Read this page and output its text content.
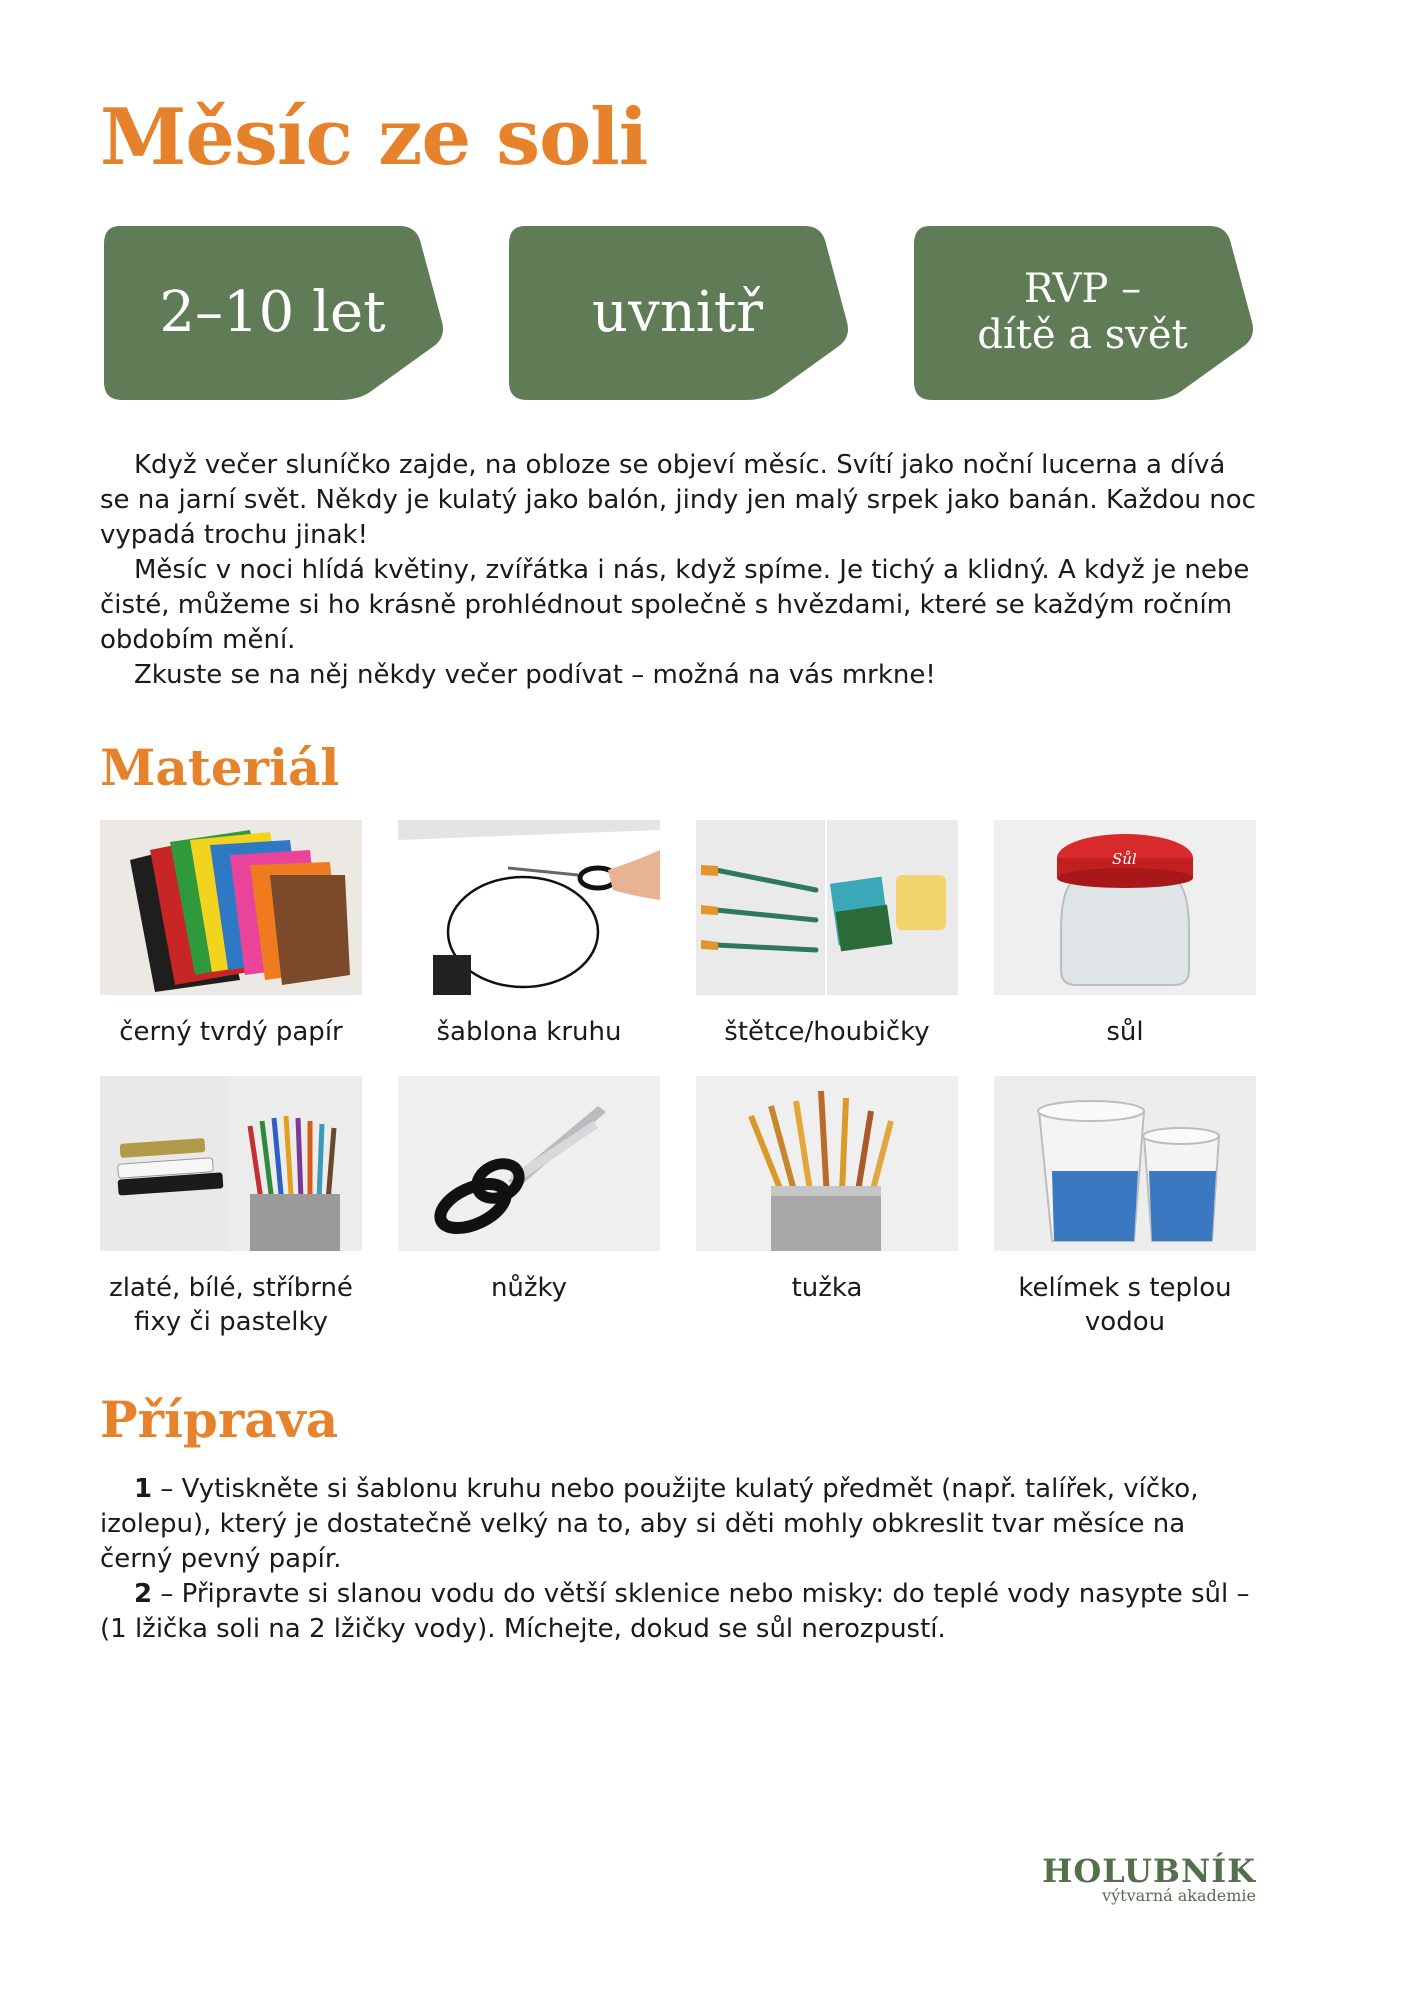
Měsíc ze soli
2–10 let	uvnitř	RVP –
dítě a svět

Když večer sluníčko zajde, na obloze se objeví měsíc. Svítí jako noční lucerna a dívá se na jarní svět. Někdy je kulatý jako balón, jindy jen malý srpek jako banán. Každou noc vypadá trochu jinak!

Měsíc v noci hlídá květiny, zvířátka i nás, když spíme. Je tichý a klidný. A když je nebe čisté, můžeme si ho krásně prohlédnout společně s hvězdami, které se každým ročním obdobím mění.

Zkuste se na něj někdy večer podívat – možná na vás mrkne!

Materiál
černý tvrdý papír	šablona kruhu	štětce/houbičky
Sůl
sůl
zlaté, bílé, stříbrné fixy či pastelky
nůžky	tužka	kelímek s teplou vodou
Příprava

1 – Vytiskněte si šablonu kruhu nebo použijte kulatý předmět (např. talířek, víčko, izolepu), který je dostatečně velký na to, aby si děti mohly obkreslit tvar měsíce na černý pevný papír.

2 – Připravte si slanou vodu do větší sklenice nebo misky: do teplé vody nasypte sůl – (1 lžička soli na 2 lžičky vody). Míchejte, dokud se sůl nerozpustí.

HOLUBNÍK
výtvarná akademie
